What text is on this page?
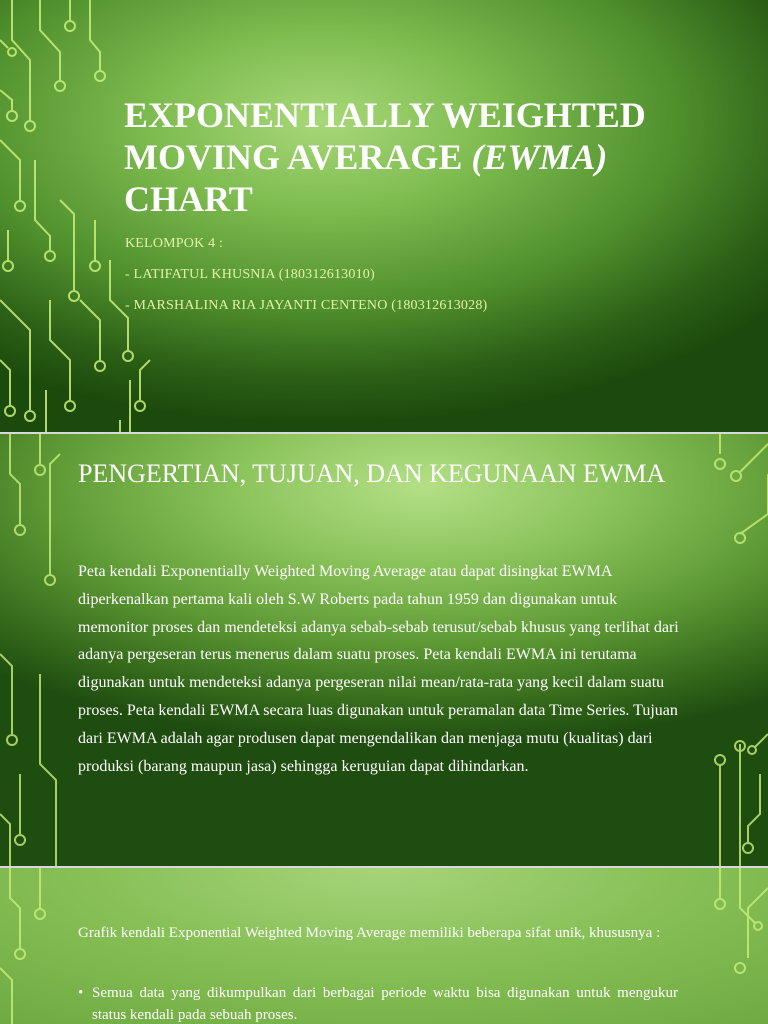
EXPONENTIALLY WEIGHTED MOVING AVERAGE (EWMA) CHART
KELOMPOK 4 :
- LATIFATUL KHUSNIA (180312613010)
- MARSHALINA RIA JAYANTI CENTENO (180312613028)
PENGERTIAN, TUJUAN, DAN KEGUNAAN EWMA
Peta kendali Exponentially Weighted Moving Average atau dapat disingkat EWMA diperkenalkan pertama kali oleh S.W Roberts pada tahun 1959 dan digunakan untuk memonitor proses dan mendeteksi adanya sebab-sebab terusut/sebab khusus yang terlihat dari adanya pergeseran terus menerus dalam suatu proses. Peta kendali EWMA ini terutama digunakan untuk mendeteksi adanya pergeseran nilai mean/rata-rata yang kecil dalam suatu proses. Peta kendali EWMA secara luas digunakan untuk peramalan data Time Series. Tujuan dari EWMA adalah agar produsen dapat mengendalikan dan menjaga mutu (kualitas) dari produksi (barang maupun jasa) sehingga keruguian dapat dihindarkan.
Grafik kendali Exponential Weighted Moving Average memiliki beberapa sifat unik, khususnya :
• Semua data yang dikumpulkan dari berbagai periode waktu bisa digunakan untuk mengukur status kendali pada sebuah proses.
